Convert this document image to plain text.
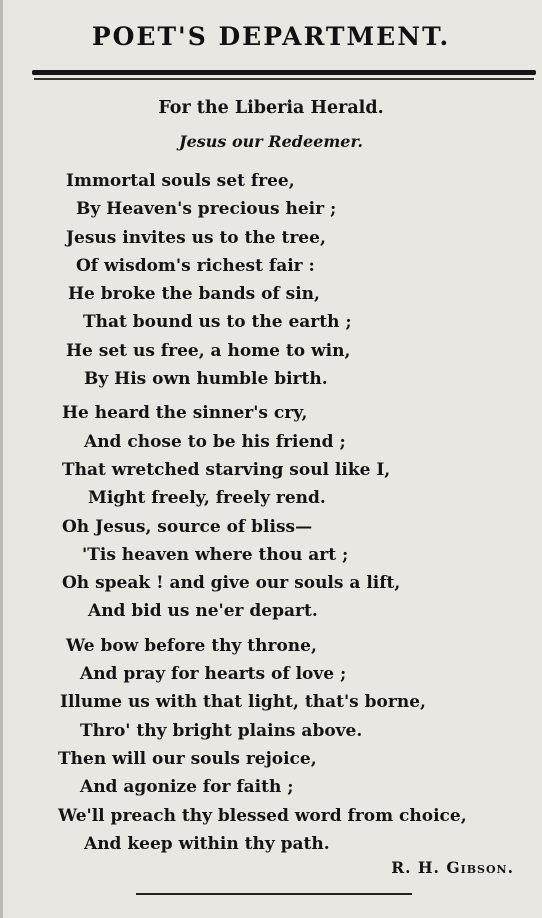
POET'S DEPARTMENT.
For the Liberia Herald.
Jesus our Redeemer.
Immortal souls set free,
By Heaven's precious heir ;
Jesus invites us to the tree,
Of wisdom's richest fair :
He broke the bands of sin,
That bound us to the earth ;
He set us free, a home to win,
By His own humble birth.
He heard the sinner's cry,
And chose to be his friend ;
That wretched starving soul like I,
Might freely, freely rend.
Oh Jesus, source of bliss—
'Tis heaven where thou art ;
Oh speak ! and give our souls a lift,
And bid us ne'er depart.
We bow before thy throne,
And pray for hearts of love ;
Illume us with that light, that's borne,
Thro' thy bright plains above.
Then will our souls rejoice,
And agonize for faith ;
We'll preach thy blessed word from choice,
And keep within thy path.
R. H. Gibson.
